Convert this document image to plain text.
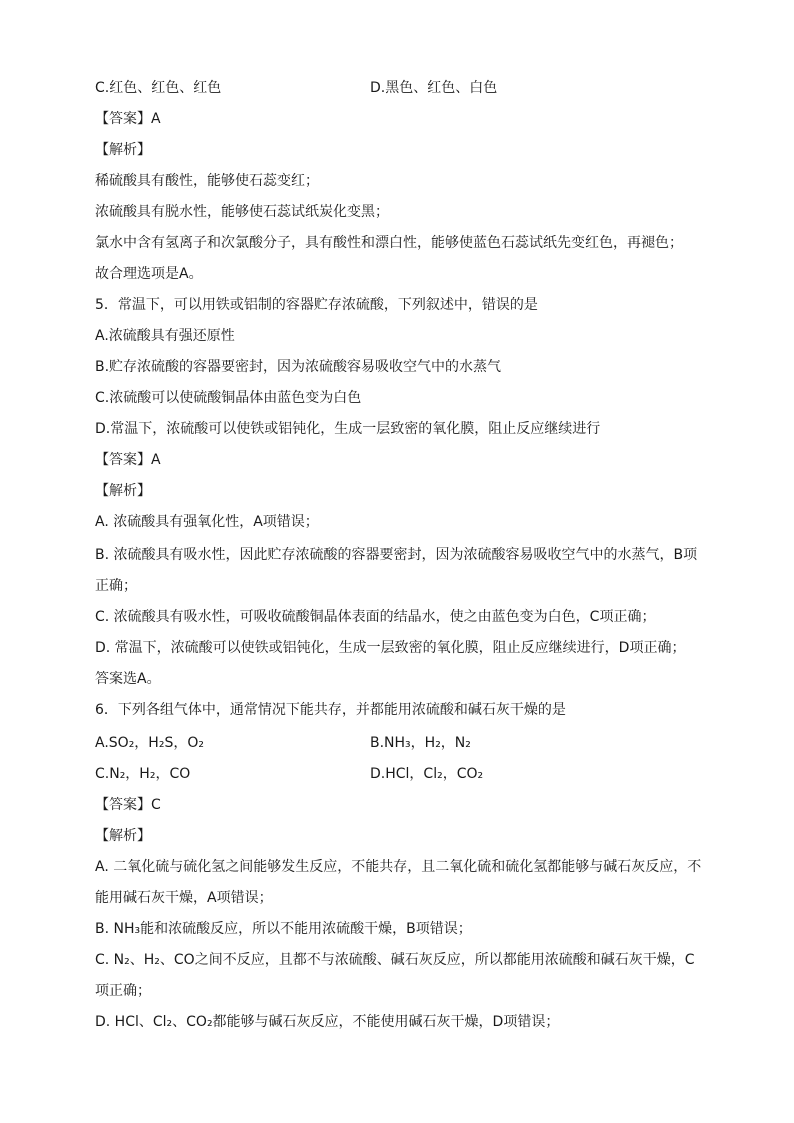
C.红色、红色、红色	D.黑色、红色、白色
【答案】A
【解析】
稀硫酸具有酸性，能够使石蕊变红；
浓硫酸具有脱水性，能够使石蕊试纸炭化变黑；
氯水中含有氢离子和次氯酸分子，具有酸性和漂白性，能够使蓝色石蕊试纸先变红色，再褪色；
故合理选项是A。
5．常温下，可以用铁或铝制的容器贮存浓硫酸，下列叙述中，错误的是
A.浓硫酸具有强还原性
B.贮存浓硫酸的容器要密封，因为浓硫酸容易吸收空气中的水蒸气
C.浓硫酸可以使硫酸铜晶体由蓝色变为白色
D.常温下，浓硫酸可以使铁或铝钝化，生成一层致密的氧化膜，阻止反应继续进行
【答案】A
【解析】
A. 浓硫酸具有强氧化性，A项错误；
B. 浓硫酸具有吸水性，因此贮存浓硫酸的容器要密封，因为浓硫酸容易吸收空气中的水蒸气，B项
正确；
C. 浓硫酸具有吸水性，可吸收硫酸铜晶体表面的结晶水，使之由蓝色变为白色，C项正确；
D. 常温下，浓硫酸可以使铁或铝钝化，生成一层致密的氧化膜，阻止反应继续进行，D项正确；
答案选A。
6．下列各组气体中，通常情况下能共存，并都能用浓硫酸和碱石灰干燥的是
A.SO₂，H₂S，O₂	B.NH₃，H₂，N₂
C.N₂，H₂，CO	D.HCl，Cl₂，CO₂
【答案】C
【解析】
A. 二氧化硫与硫化氢之间能够发生反应，不能共存，且二氧化硫和硫化氢都能够与碱石灰反应，不
能用碱石灰干燥，A项错误；
B. NH₃能和浓硫酸反应，所以不能用浓硫酸干燥，B项错误；
C. N₂、H₂、CO之间不反应，且都不与浓硫酸、碱石灰反应，所以都能用浓硫酸和碱石灰干燥，C
项正确；
D. HCl、Cl₂、CO₂都能够与碱石灰反应，不能使用碱石灰干燥，D项错误；
